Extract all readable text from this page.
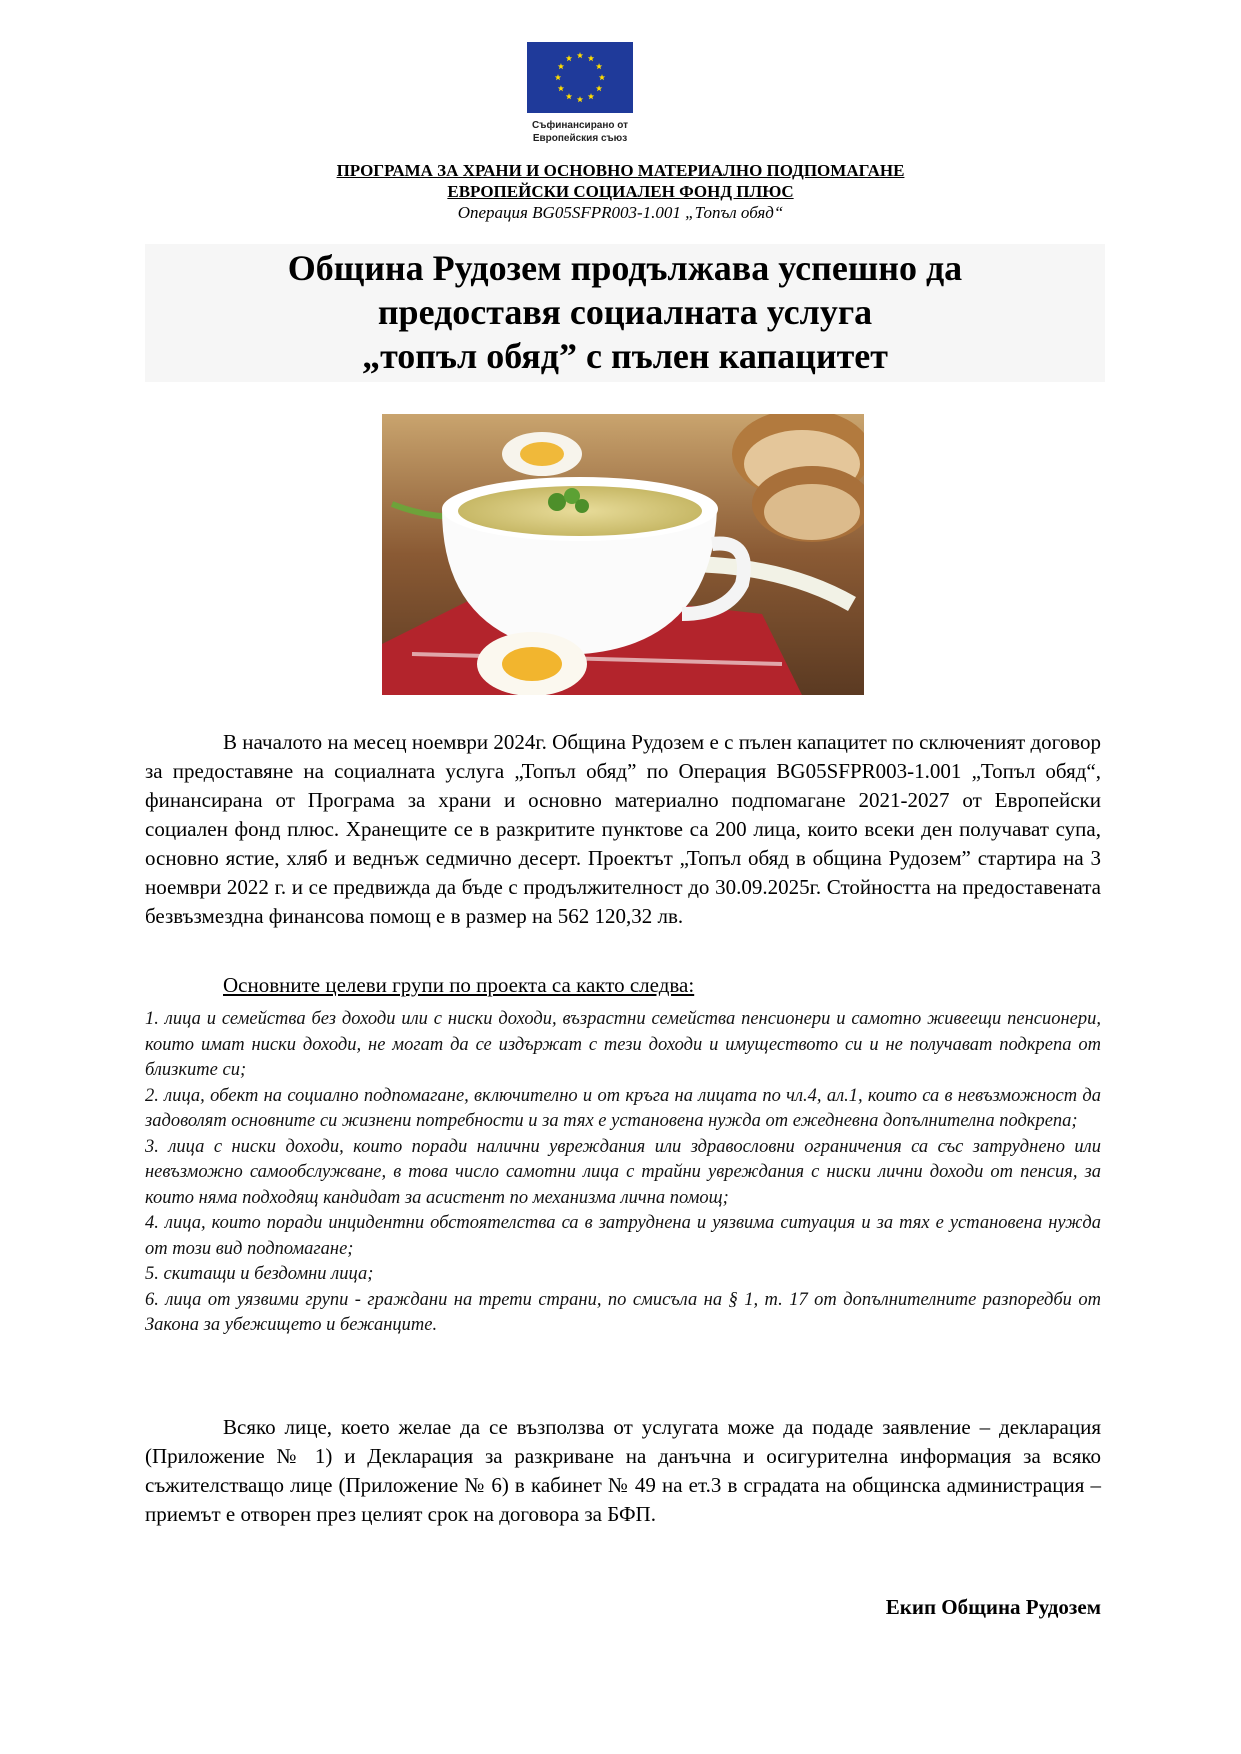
Съфинансирано от
Европейския съюз
ПРОГРАМА ЗА ХРАНИ И ОСНОВНО МАТЕРИАЛНО ПОДПОМАГАНЕ
ЕВРОПЕЙСКИ СОЦИАЛЕН ФОНД ПЛЮС
Операция BG05SFPR003-1.001 „Топъл обяд“
Община Рудозем продължава успешно да
предоставя социалната услуга
„топъл обяд” с пълен капацитет

В началото на месец ноември 2024г. Община Рудозем е с пълен капацитет по сключеният договор за предоставяне на социалната услуга „Топъл обяд” по Операция BG05SFPR003-1.001 „Топъл обяд“, финансирана от Програма за храни и основно материално подпомагане 2021-2027 от Европейски социален фонд плюс. Хранещите се в разкритите пунктове са 200 лица, които всеки ден получават супа, основно ястие, хляб и веднъж седмично десерт. Проектът „Топъл обяд в община Рудозем” стартира на 3 ноември 2022 г. и се предвижда да бъде с продължителност до 30.09.2025г. Стойността на предоставената безвъзмездна финансова помощ е в размер на 562 120,32 лв.

Основните целеви групи по проекта са както следва:

1. лица и семейства без доходи или с ниски доходи, възрастни семейства пенсионери и самотно живеещи пенсионери, които имат ниски доходи, не могат да се издържат с тези доходи и имуществото си и не получават подкрепа от близките си;

2. лица, обект на социално подпомагане, включително и от кръга на лицата по чл.4, ал.1, които са в невъзможност да задоволят основните си жизнени потребности и за тях е установена нужда от ежедневна допълнителна подкрепа;

3. лица с ниски доходи, които поради налични увреждания или здравословни ограничения са със затруднено или невъзможно самообслужване, в това число самотни лица с трайни увреждания с ниски лични доходи от пенсия, за които няма подходящ кандидат за асистент по механизма лична помощ;

4. лица, които поради инцидентни обстоятелства са в затруднена и уязвима ситуация и за тях е установена нужда от този вид подпомагане;

5. скитащи и бездомни лица;

6. лица от уязвими групи - граждани на трети страни, по смисъла на § 1, т. 17 от допълнителните разпоредби от Закона за убежището и бежанците.

Всяко лице, което желае да се възползва от услугата може да подаде заявление – декларация (Приложение № 1) и Декларация за разкриване на данъчна и осигурителна информация за всяко съжителстващо лице (Приложение № 6) в кабинет № 49 на ет.3 в сградата на общинска администрация – приемът е отворен през целият срок на договора за БФП.

Екип Община Рудозем
